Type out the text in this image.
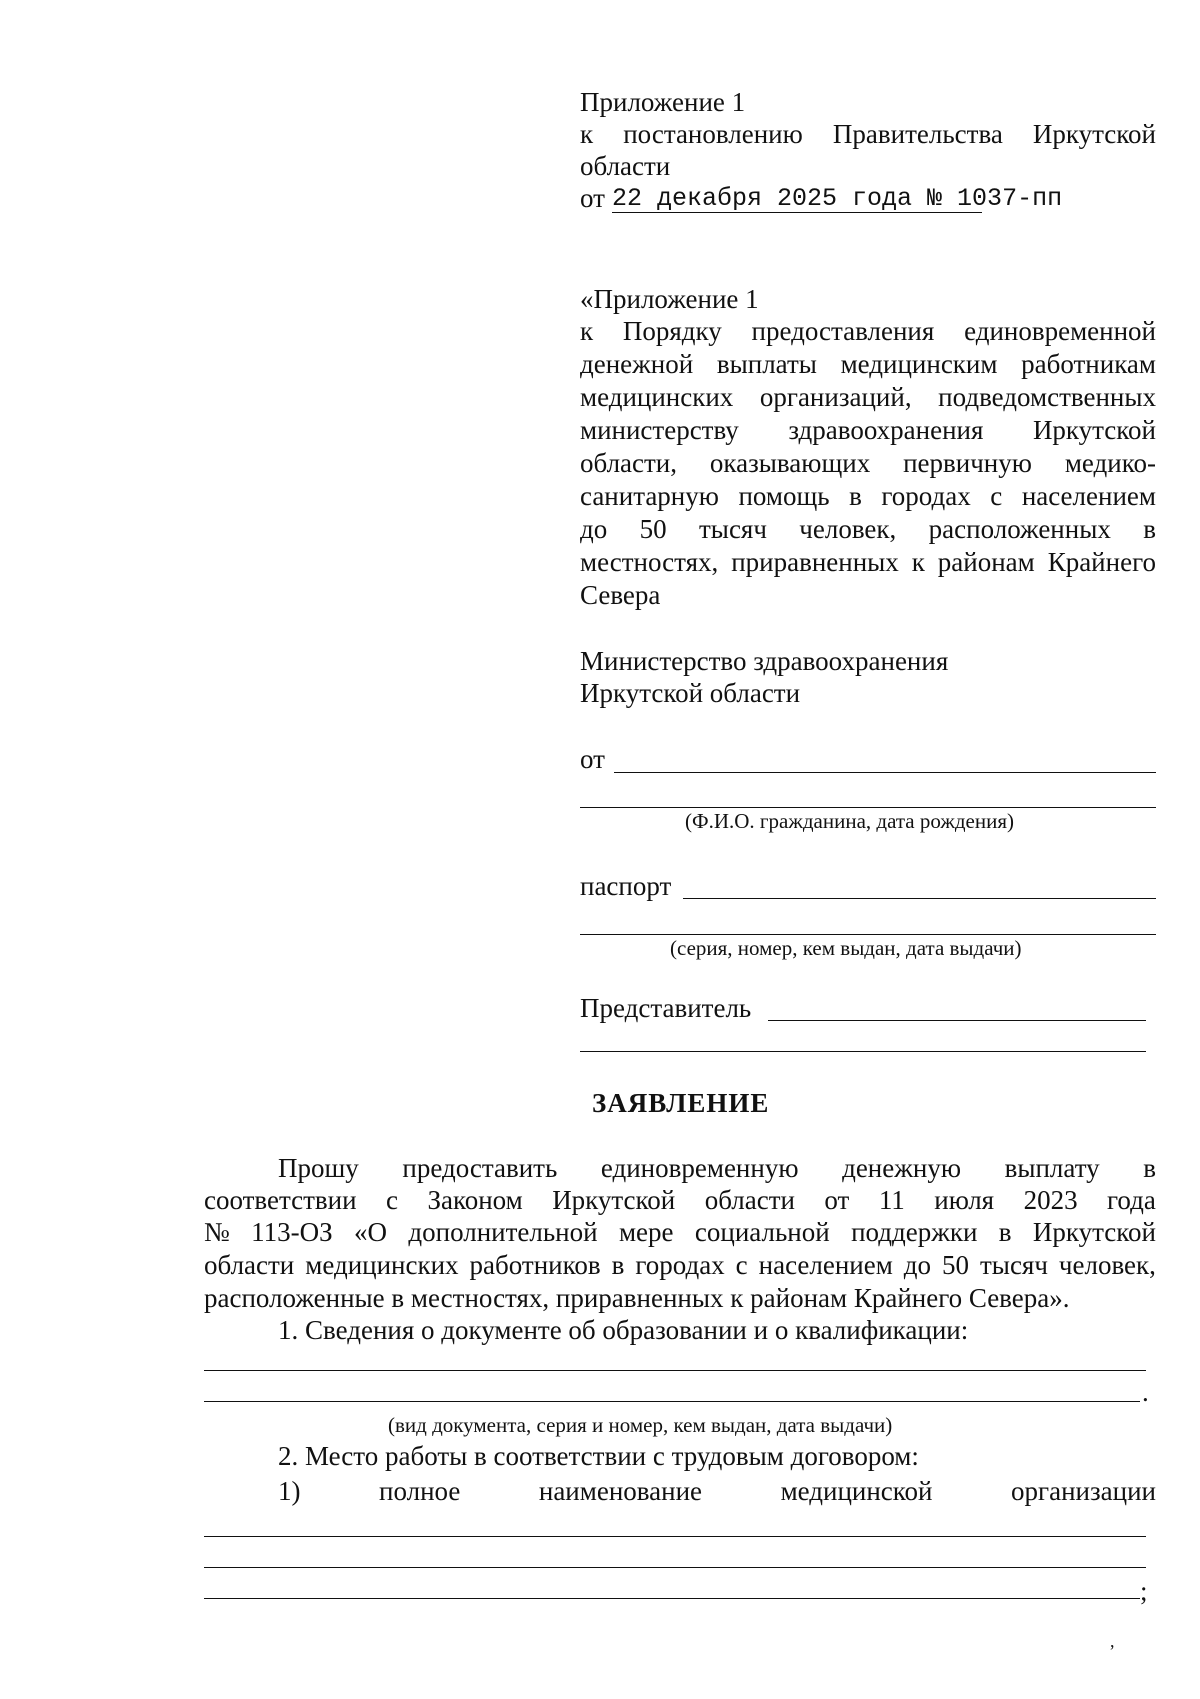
Приложение 1
к постановлению Правительства Иркутской
области
от 22 декабря 2025 года № 1037-пп
«Приложение 1
к Порядку предоставления единовременной
денежной выплаты медицинским работникам
медицинских организаций, подведомственных
министерству здравоохранения Иркутской
области, оказывающих первичную медико-
санитарную помощь в городах с населением
до 50 тысяч человек, расположенных в
местностях, приравненных к районам Крайнего
Севера
Министерство здравоохранения
Иркутской области
от
(Ф.И.О. гражданина, дата рождения)
паспорт
(серия, номер, кем выдан, дата выдачи)
Представитель
ЗАЯВЛЕНИЕ
Прошу предоставить единовременную денежную выплату в
соответствии с Законом Иркутской области от 11 июля 2023 года
№ 113-ОЗ «О дополнительной мере социальной поддержки в Иркутской
области медицинских работников в городах с населением до 50 тысяч человек,
расположенные в местностях, приравненных к районам Крайнего Севера».
1. Сведения о документе об образовании и о квалификации:
.
(вид документа, серия и номер, кем выдан, дата выдачи)
2. Место работы в соответствии с трудовым договором:
1)	полное	наименование	медицинской	организации
;
,
